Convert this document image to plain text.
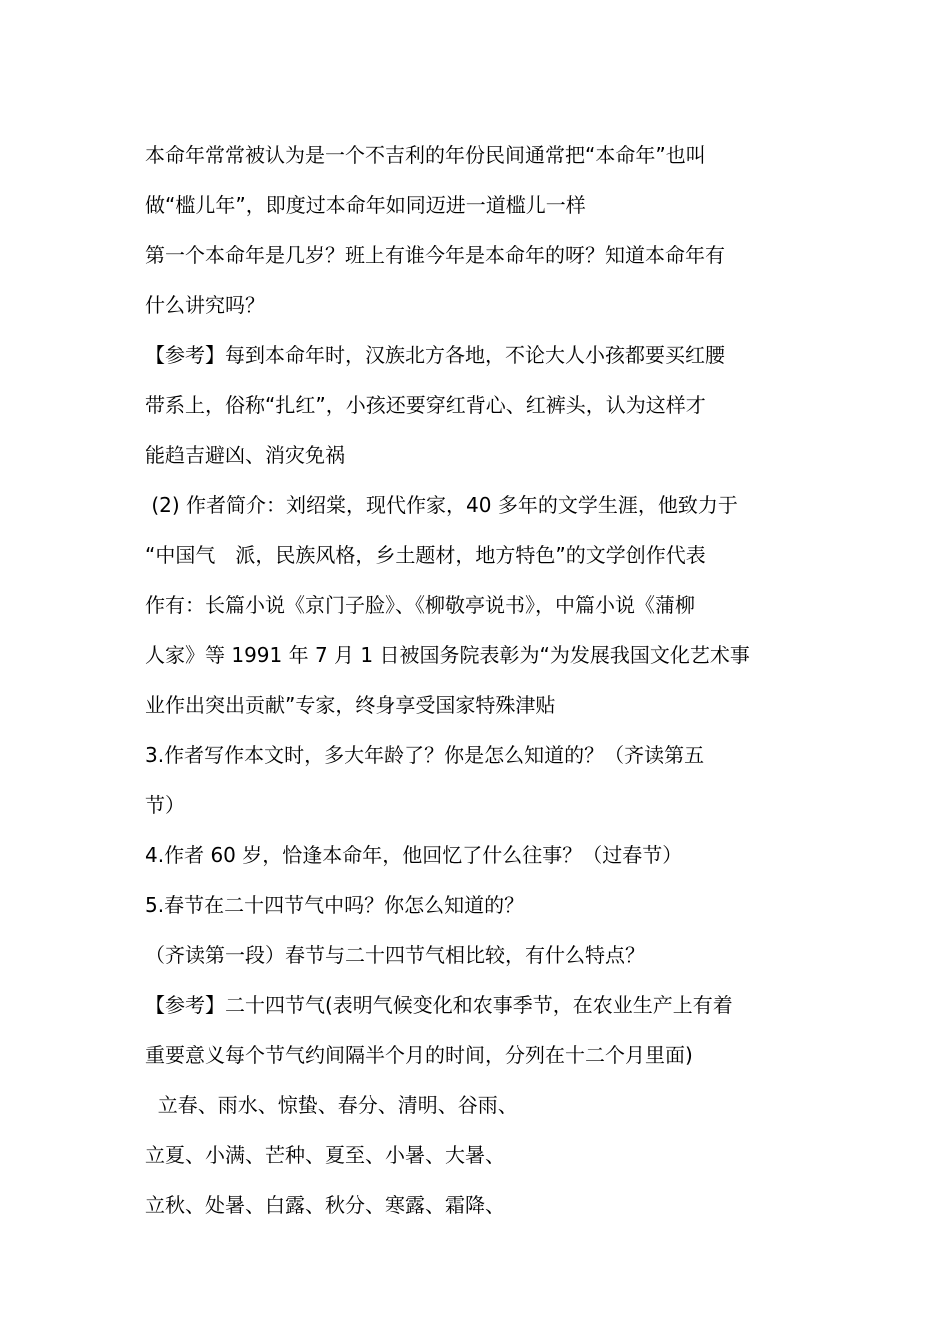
本命年常常被认为是一个不吉利的年份民间通常把“本命年”也叫
做“槛儿年”，即度过本命年如同迈进一道槛儿一样
第一个本命年是几岁？班上有谁今年是本命年的呀？知道本命年有
什么讲究吗？
【参考】每到本命年时，汉族北方各地，不论大人小孩都要买红腰
带系上，俗称“扎红”，小孩还要穿红背心、红裤头，认为这样才
能趋吉避凶、消灾免祸
(2) 作者简介：刘绍棠，现代作家，40 多年的文学生涯，他致力于
“中国气　派，民族风格，乡土题材，地方特色”的文学创作代表
作有：长篇小说《京门子脸》、《柳敬亭说书》，中篇小说《蒲柳
人家》等 1991 年 7 月 1 日被国务院表彰为“为发展我国文化艺术事
业作出突出贡献”专家，终身享受国家特殊津贴
3.作者写作本文时，多大年龄了？你是怎么知道的？（齐读第五
节）
4.作者 60 岁，恰逢本命年，他回忆了什么往事？（过春节）
5.春节在二十四节气中吗？你怎么知道的？
（齐读第一段）春节与二十四节气相比较，有什么特点？
【参考】二十四节气(表明气候变化和农事季节，在农业生产上有着
重要意义每个节气约间隔半个月的时间，分列在十二个月里面)
立春、雨水、惊蛰、春分、清明、谷雨、
立夏、小满、芒种、夏至、小暑、大暑、
立秋、处暑、白露、秋分、寒露、霜降、
